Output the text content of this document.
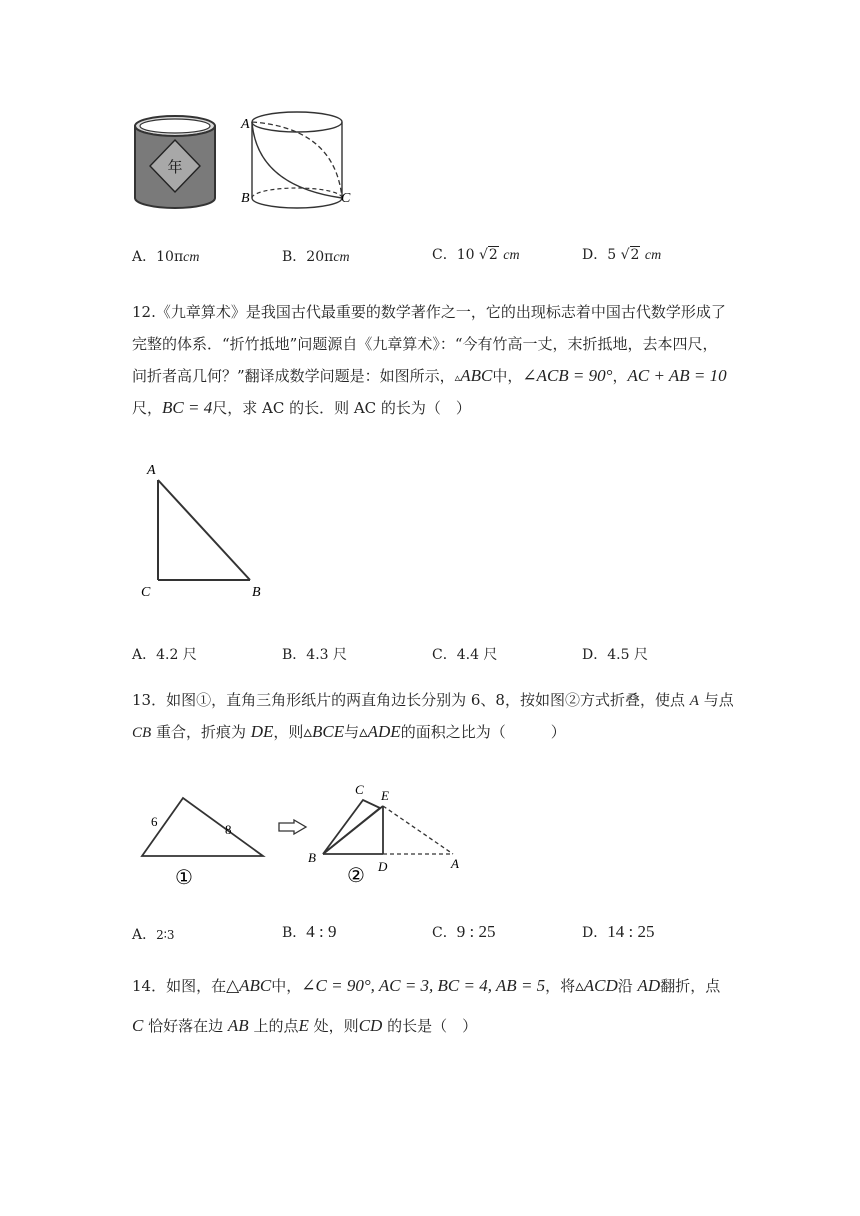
年
A
B	C
A．10πcm	B．20πcm	C．10 √2 cm	D．5 √2 cm
12.《九章算术》是我国古代最重要的数学著作之一，它的出现标志着中国古代数学形成了
完整的体系．“折竹抵地”问题源自《九章算术》：“今有竹高一丈，末折抵地，去本四尺，
问折者高几何？”翻译成数学问题是：如图所示，▵ABC中，∠ACB = 90°，AC + AB = 10
尺，BC = 4尺，求 AC 的长．则 AC 的长为（　）
A
C	B
A．4.2 尺	B．4.3 尺	C．4.4 尺	D．4.5 尺
13．如图①，直角三角形纸片的两直角边长分别为 6、8，按如图②方式折叠，使点 A 与点
CB 重合，折痕为 DE，则▵BCE与▵ADE的面积之比为（　　　）
6
8
①
C E
B
D	A
②
A．2∶3	B．4 : 9	C．9 : 25	D．14 : 25
14．如图，在△ABC中，∠C = 90°, AC = 3, BC = 4, AB = 5，将▵ACD沿 AD翻折，点
C 恰好落在边 AB 上的点E 处，则CD 的长是（　）
